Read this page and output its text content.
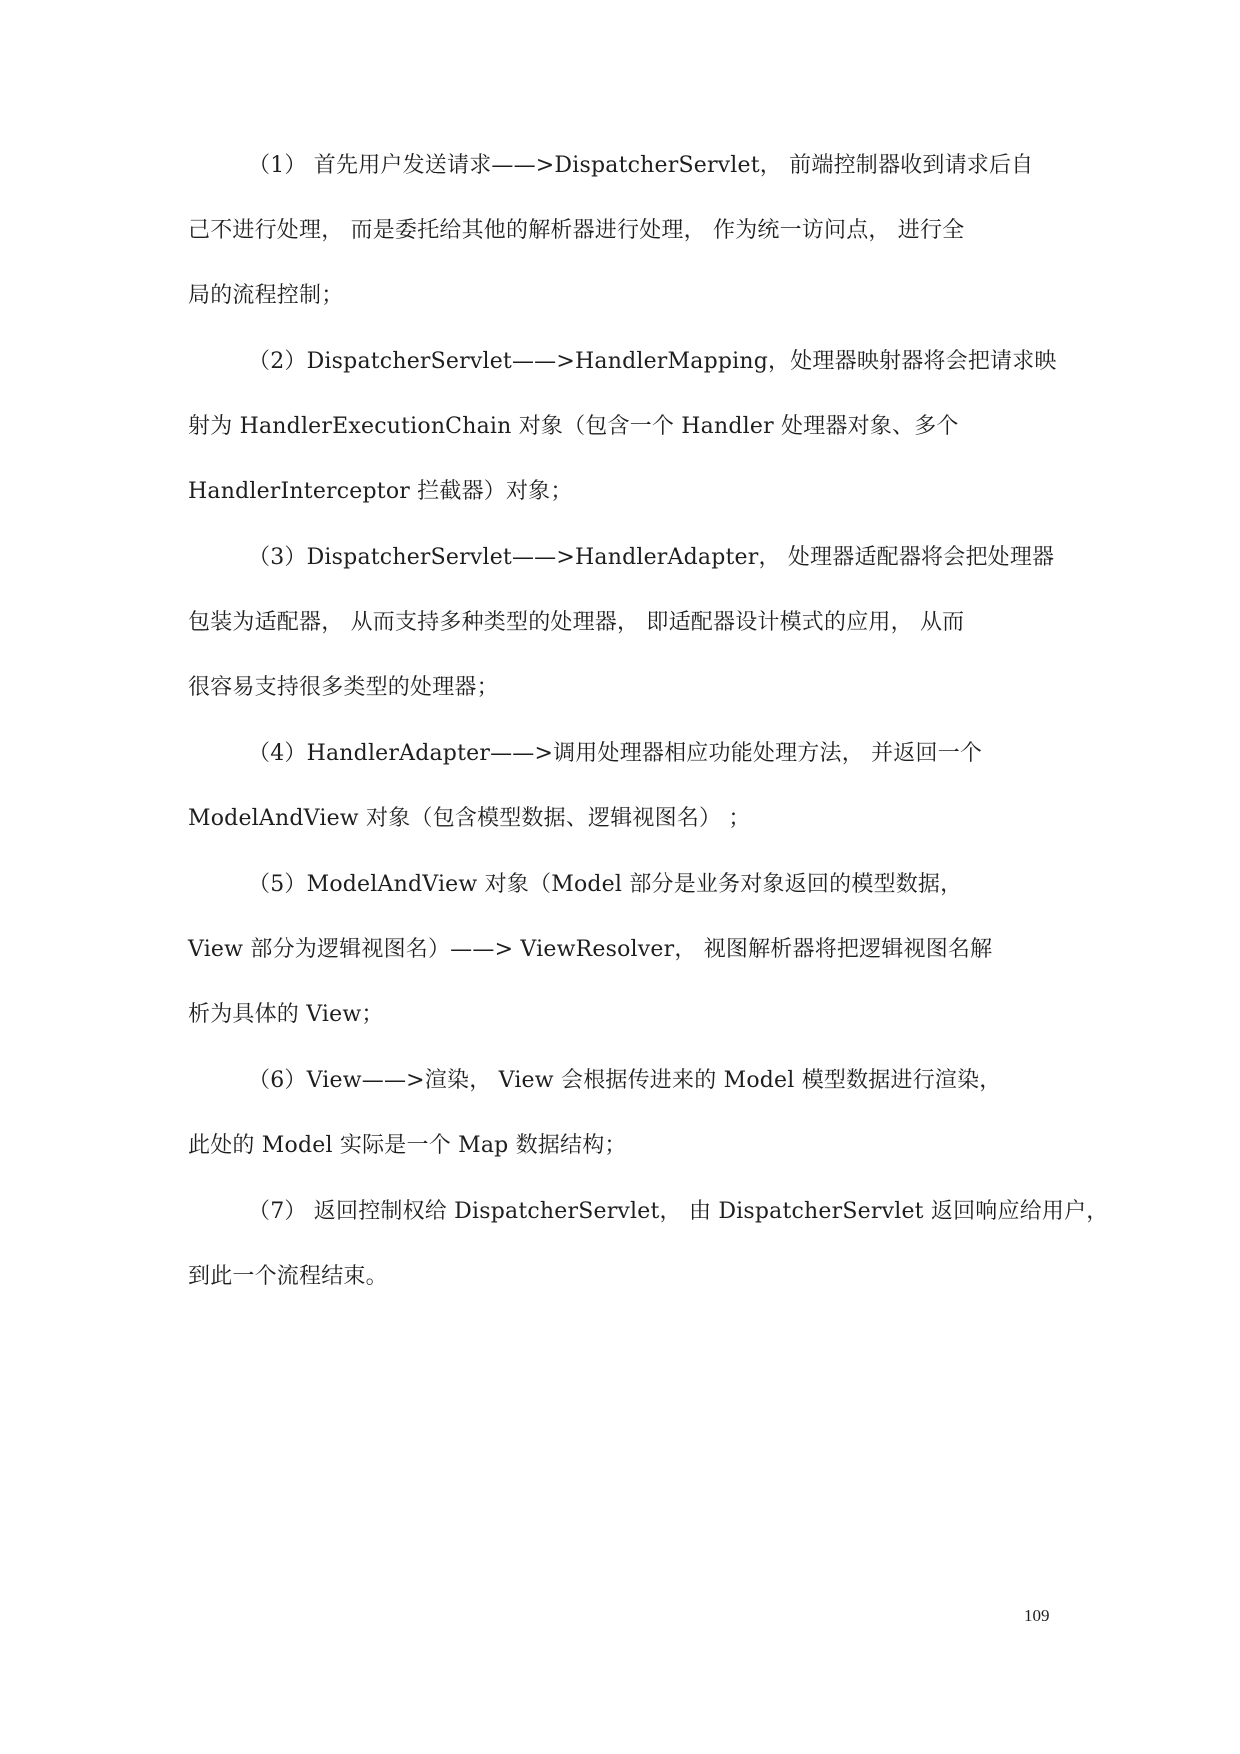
（1） 首先用户发送请求——>DispatcherServlet， 前端控制器收到请求后自
己不进行处理， 而是委托给其他的解析器进行处理， 作为统一访问点， 进行全
局的流程控制；
（2）DispatcherServlet——>HandlerMapping，处理器映射器将会把请求映
射为 HandlerExecutionChain 对象（包含一个 Handler 处理器对象、多个
HandlerInterceptor 拦截器）对象；
（3）DispatcherServlet——>HandlerAdapter， 处理器适配器将会把处理器
包装为适配器， 从而支持多种类型的处理器， 即适配器设计模式的应用， 从而
很容易支持很多类型的处理器；
（4）HandlerAdapter——>调用处理器相应功能处理方法， 并返回一个
ModelAndView 对象（包含模型数据、逻辑视图名） ；
（5）ModelAndView 对象（Model 部分是业务对象返回的模型数据，
View 部分为逻辑视图名）——> ViewResolver， 视图解析器将把逻辑视图名解
析为具体的 View；
（6）View——>渲染， View 会根据传进来的 Model 模型数据进行渲染，
此处的 Model 实际是一个 Map 数据结构；
（7） 返回控制权给 DispatcherServlet， 由 DispatcherServlet 返回响应给用户，
到此一个流程结束。
109
